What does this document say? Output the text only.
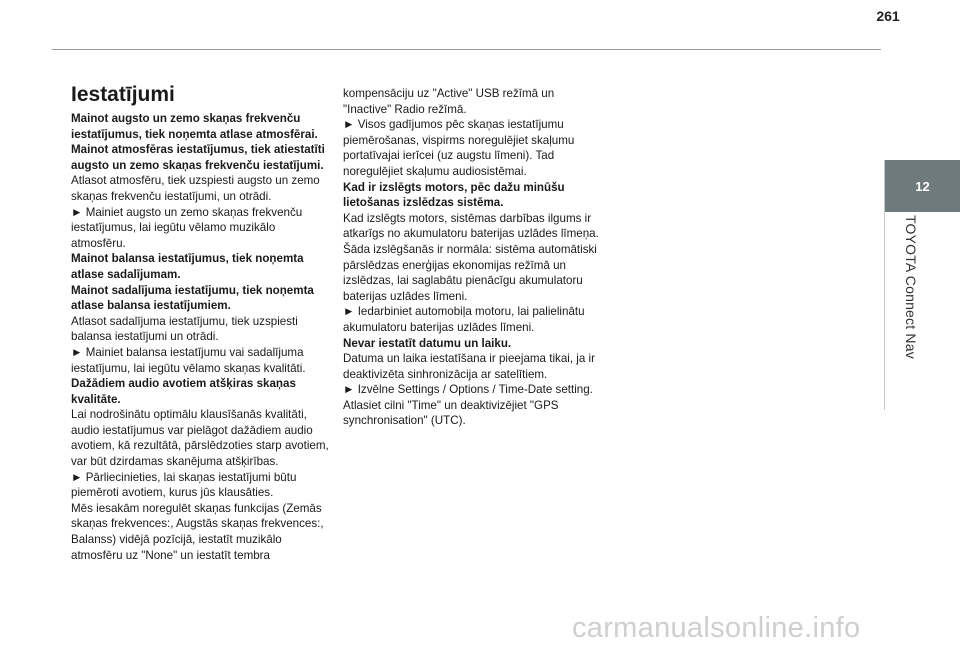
261
12
TOYOTA Connect Nav
Iestatījumi

Mainot augsto un zemo skaņas frekvenču iestatījumus, tiek noņemta atlase atmosfērai.

Mainot atmosfēras iestatījumus, tiek atiestatīti augsto un zemo skaņas frekvenču iestatījumi.

Atlasot atmosfēru, tiek uzspiesti augsto un zemo skaņas frekvenču iestatījumi, un otrādi.

► Mainiet augsto un zemo skaņas frekvenču iestatījumus, lai iegūtu vēlamo muzikālo atmosfēru.

Mainot balansa iestatījumus, tiek noņemta atlase sadalījumam.

Mainot sadalījuma iestatījumu, tiek noņemta atlase balansa iestatījumiem.

Atlasot sadalījuma iestatījumu, tiek uzspiesti balansa iestatījumi un otrādi.

► Mainiet balansa iestatījumu vai sadalījuma iestatījumu, lai iegūtu vēlamo skaņas kvalitāti.

Dažādiem audio avotiem atšķiras skaņas kvalitāte.

Lai nodrošinātu optimālu klausīšanās kvalitāti, audio iestatījumus var pielāgot dažādiem audio avotiem, kā rezultātā, pārslēdzoties starp avotiem, var būt dzirdamas skanējuma atšķirības.

► Pārliecinieties, lai skaņas iestatījumi būtu piemēroti avotiem, kurus jūs klausāties.

Mēs iesakām noregulēt skaņas funkcijas (Zemās skaņas frekvences:, Augstās skaņas frekvences:, Balanss) vidējā pozīcijā, iestatīt muzikālo atmosfēru uz "None" un iestatīt tembra

kompensāciju uz "Active" USB režīmā un "Inactive" Radio režīmā.

► Visos gadījumos pēc skaņas iestatījumu piemērošanas, vispirms noregulējiet skaļumu portatīvajai ierīcei (uz augstu līmeni). Tad noregulējiet skaļumu audiosistēmai.

Kad ir izslēgts motors, pēc dažu minūšu lietošanas izslēdzas sistēma.

Kad izslēgts motors, sistēmas darbības ilgums ir atkarīgs no akumulatoru baterijas uzlādes līmeņa.

Šāda izslēgšanās ir normāla: sistēma automātiski pārslēdzas enerģijas ekonomijas režīmā un izslēdzas, lai saglabātu pienācīgu akumulatoru baterijas uzlādes līmeni.

► Iedarbiniet automobiļa motoru, lai palielinātu akumulatoru baterijas uzlādes līmeni.

Nevar iestatīt datumu un laiku.

Datuma un laika iestatīšana ir pieejama tikai, ja ir deaktivizēta sinhronizācija ar satelītiem.

► Izvēlne Settings / Options / Time-Date setting. Atlasiet cilni "Time" un deaktivizējiet "GPS synchronisation" (UTC).

carmanualsonline.info
